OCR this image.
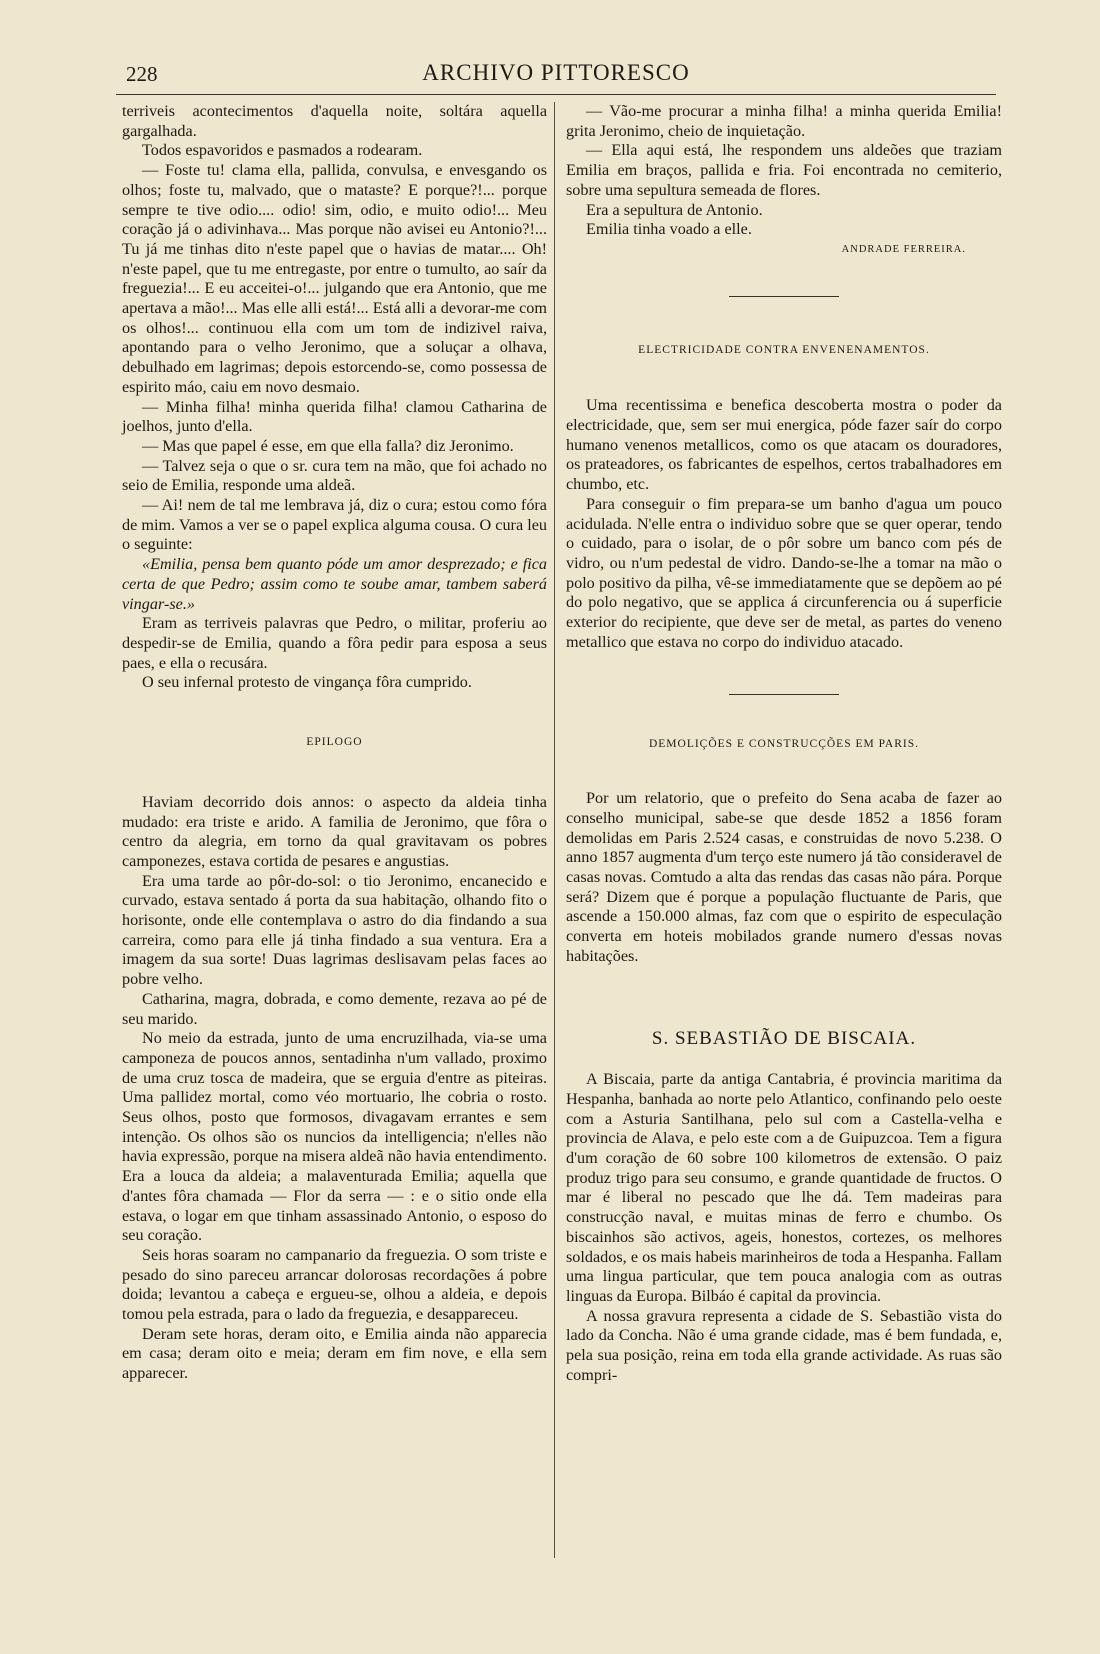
228	ARCHIVO PITTORESCO

terriveis acontecimentos d'aquella noite, soltára aquella gargalhada.

Todos espavoridos e pasmados a rodearam.

— Foste tu! clama ella, pallida, convulsa, e envesgando os olhos; foste tu, malvado, que o mataste? E porque?!... porque sempre te tive odio.... odio! sim, odio, e muito odio!... Meu coração já o adivinhava... Mas porque não avisei eu Antonio?!... Tu já me tinhas dito n'este papel que o havias de matar.... Oh! n'este papel, que tu me entregaste, por entre o tumulto, ao saír da freguezia!... E eu acceitei-o!... julgando que era Antonio, que me apertava a mão!... Mas elle alli está!... Está alli a devorar-me com os olhos!... continuou ella com um tom de indizivel raiva, apontando para o velho Jeronimo, que a soluçar a olhava, debulhado em lagrimas; depois estorcendo-se, como possessa de espirito máo, caiu em novo desmaio.

— Minha filha! minha querida filha! clamou Catharina de joelhos, junto d'ella.

— Mas que papel é esse, em que ella falla? diz Jeronimo.

— Talvez seja o que o sr. cura tem na mão, que foi achado no seio de Emilia, responde uma aldeã.

— Ai! nem de tal me lembrava já, diz o cura; estou como fóra de mim. Vamos a ver se o papel explica alguma cousa. O cura leu o seguinte:

«Emilia, pensa bem quanto póde um amor desprezado; e fica certa de que Pedro; assim como te soube amar, tambem saberá vingar-se.»

Eram as terriveis palavras que Pedro, o militar, proferiu ao despedir-se de Emilia, quando a fôra pedir para esposa a seus paes, e ella o recusára.

O seu infernal protesto de vingança fôra cumprido.

EPILOGO

Haviam decorrido dois annos: o aspecto da aldeia tinha mudado: era triste e arido. A familia de Jeronimo, que fôra o centro da alegria, em torno da qual gravitavam os pobres camponezes, estava cortida de pesares e angustias.

Era uma tarde ao pôr-do-sol: o tio Jeronimo, encanecido e curvado, estava sentado á porta da sua habitação, olhando fito o horisonte, onde elle contemplava o astro do dia findando a sua carreira, como para elle já tinha findado a sua ventura. Era a imagem da sua sorte! Duas lagrimas deslisavam pelas faces ao pobre velho.

Catharina, magra, dobrada, e como demente, rezava ao pé de seu marido.

No meio da estrada, junto de uma encruzilhada, via-se uma camponeza de poucos annos, sentadinha n'um vallado, proximo de uma cruz tosca de madeira, que se erguia d'entre as piteiras. Uma pallidez mortal, como véo mortuario, lhe cobria o rosto. Seus olhos, posto que formosos, divagavam errantes e sem intenção. Os olhos são os nuncios da intelligencia; n'elles não havia expressão, porque na misera aldeã não havia entendimento. Era a louca da aldeia; a malaventurada Emilia; aquella que d'antes fôra chamada — Flor da serra — : e o sitio onde ella estava, o logar em que tinham assassinado Antonio, o esposo do seu coração.

Seis horas soaram no campanario da freguezia. O som triste e pesado do sino pareceu arrancar dolorosas recordações á pobre doida; levantou a cabeça e ergueu-se, olhou a aldeia, e depois tomou pela estrada, para o lado da freguezia, e desappareceu.

Deram sete horas, deram oito, e Emilia ainda não apparecia em casa; deram oito e meia; deram em fim nove, e ella sem apparecer.

— Vão-me procurar a minha filha! a minha querida Emilia! grita Jeronimo, cheio de inquietação.

— Ella aqui está, lhe respondem uns aldeões que traziam Emilia em braços, pallida e fria. Foi encontrada no cemiterio, sobre uma sepultura semeada de flores.

Era a sepultura de Antonio.

Emilia tinha voado a elle.

ANDRADE FERREIRA.

ELECTRICIDADE CONTRA ENVENENAMENTOS.

Uma recentissima e benefica descoberta mostra o poder da electricidade, que, sem ser mui energica, póde fazer saír do corpo humano venenos metallicos, como os que atacam os douradores, os prateadores, os fabricantes de espelhos, certos trabalhadores em chumbo, etc.

Para conseguir o fim prepara-se um banho d'agua um pouco acidulada. N'elle entra o individuo sobre que se quer operar, tendo o cuidado, para o isolar, de o pôr sobre um banco com pés de vidro, ou n'um pedestal de vidro. Dando-se-lhe a tomar na mão o polo positivo da pilha, vê-se immediatamente que se depõem ao pé do polo negativo, que se applica á circunferencia ou á superficie exterior do recipiente, que deve ser de metal, as partes do veneno metallico que estava no corpo do individuo atacado.

DEMOLIÇÕES E CONSTRUCÇÕES EM PARIS.

Por um relatorio, que o prefeito do Sena acaba de fazer ao conselho municipal, sabe-se que desde 1852 a 1856 foram demolidas em Paris 2.524 casas, e construidas de novo 5.238. O anno 1857 augmenta d'um terço este numero já tão consideravel de casas novas. Comtudo a alta das rendas das casas não pára. Porque será? Dizem que é porque a população fluctuante de Paris, que ascende a 150.000 almas, faz com que o espirito de especulação converta em hoteis mobilados grande numero d'essas novas habitações.

S. SEBASTIÃO DE BISCAIA.

A Biscaia, parte da antiga Cantabria, é provincia maritima da Hespanha, banhada ao norte pelo Atlantico, confinando pelo oeste com a Asturia Santilhana, pelo sul com a Castella-velha e provincia de Alava, e pelo este com a de Guipuzcoa. Tem a figura d'um coração de 60 sobre 100 kilometros de extensão. O paiz produz trigo para seu consumo, e grande quantidade de fructos. O mar é liberal no pescado que lhe dá. Tem madeiras para construcção naval, e muitas minas de ferro e chumbo. Os biscainhos são activos, ageis, honestos, cortezes, os melhores soldados, e os mais habeis marinheiros de toda a Hespanha. Fallam uma lingua particular, que tem pouca analogia com as outras linguas da Europa. Bilbáo é capital da provincia.

A nossa gravura representa a cidade de S. Sebastião vista do lado da Concha. Não é uma grande cidade, mas é bem fundada, e, pela sua posição, reina em toda ella grande actividade. As ruas são compri-
